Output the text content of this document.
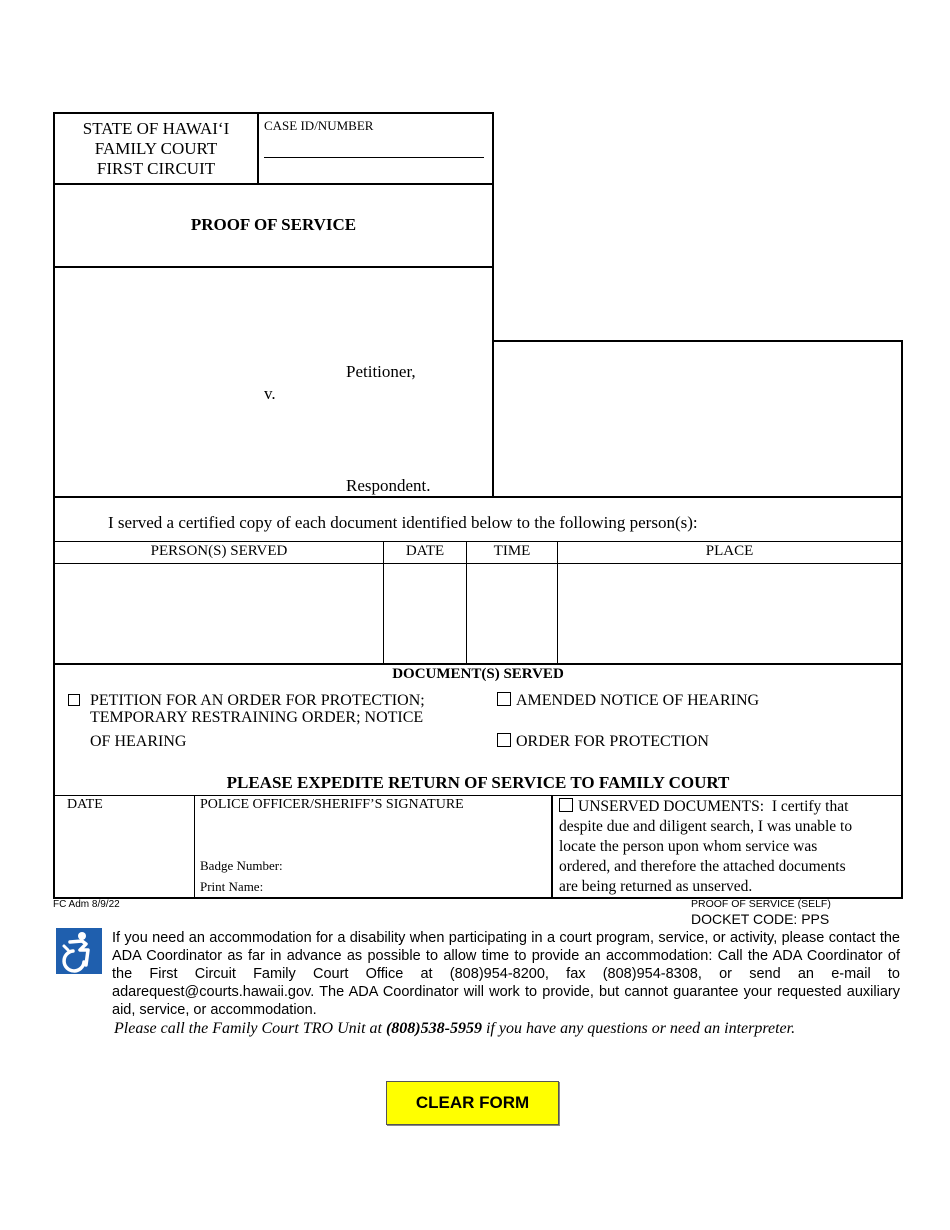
STATE OF HAWAI‘I
FAMILY COURT
FIRST CIRCUIT
CASE ID/NUMBER
PROOF OF SERVICE
Petitioner,
v.
Respondent.
I served a certified copy of each document identified below to the following person(s):
PERSON(S) SERVED	DATE	TIME	PLACE
DOCUMENT(S) SERVED
PETITION FOR AN ORDER FOR PROTECTION;
TEMPORARY RESTRAINING ORDER; NOTICE
OF HEARING
AMENDED NOTICE OF HEARING
ORDER FOR PROTECTION
PLEASE EXPEDITE RETURN OF SERVICE TO FAMILY COURT
DATE	POLICE OFFICER/SHERIFF’S SIGNATURE
Badge Number:
Print Name:
UNSERVED DOCUMENTS: I certify that
despite due and diligent search, I was unable to
locate the person upon whom service was
ordered, and therefore the attached documents
are being returned as unserved.
FC Adm 8/9/22	PROOF OF SERVICE (SELF)
DOCKET CODE: PPS
If you need an accommodation for a disability when participating in a court program, service, or activity, please contact the ADA Coordinator as far in advance as possible to allow time to provide an accommodation: Call the ADA Coordinator of the First Circuit Family Court Office at (808)954-8200, fax (808)954-8308, or send an e-mail to adarequest@courts.hawaii.gov. The ADA Coordinator will work to provide, but cannot guarantee your requested auxiliary aid, service, or accommodation.
Please call the Family Court TRO Unit at (808)538-5959 if you have any questions or need an interpreter.
CLEAR FORM
